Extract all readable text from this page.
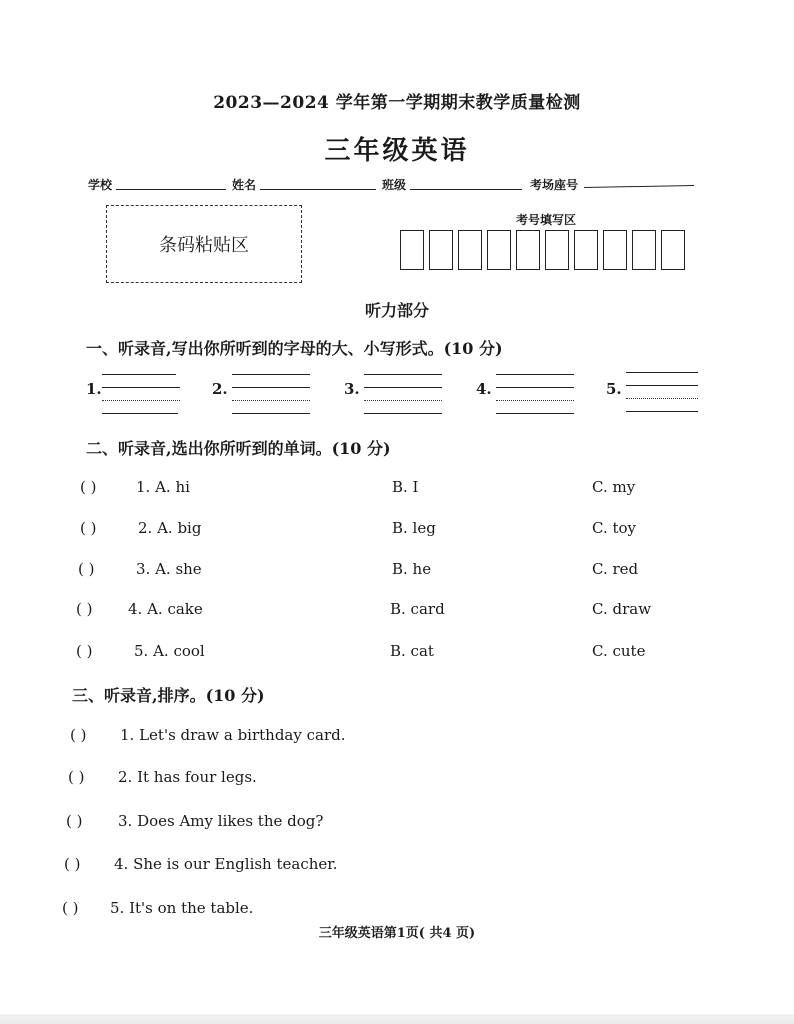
2023—2024 学年第一学期期末教学质量检测
三年级英语
学校	姓名	班级	考场座号
条码粘贴区
考号填写区
听力部分
一、听录音,写出你所听到的字母的大、小写形式。(10 分)
1.	2.	3.	4.	5.
二、听录音,选出你所听到的单词。(10 分)
( )	1. A. hi	B. I	C. my
( )	2. A. big	B. leg	C. toy
( )	3. A. she	B. he	C. red
( ) 4. A. cake	B. card	C. draw
( )	5. A. cool	B. cat	C. cute
三、听录音,排序。(10 分)
( ) 1. Let's draw a birthday card.
( ) 2. It has four legs.
( ) 3. Does Amy likes the dog?
( ) 4. She is our English teacher.
( ) 5. It's on the table.
三年级英语第1页( 共4 页)
